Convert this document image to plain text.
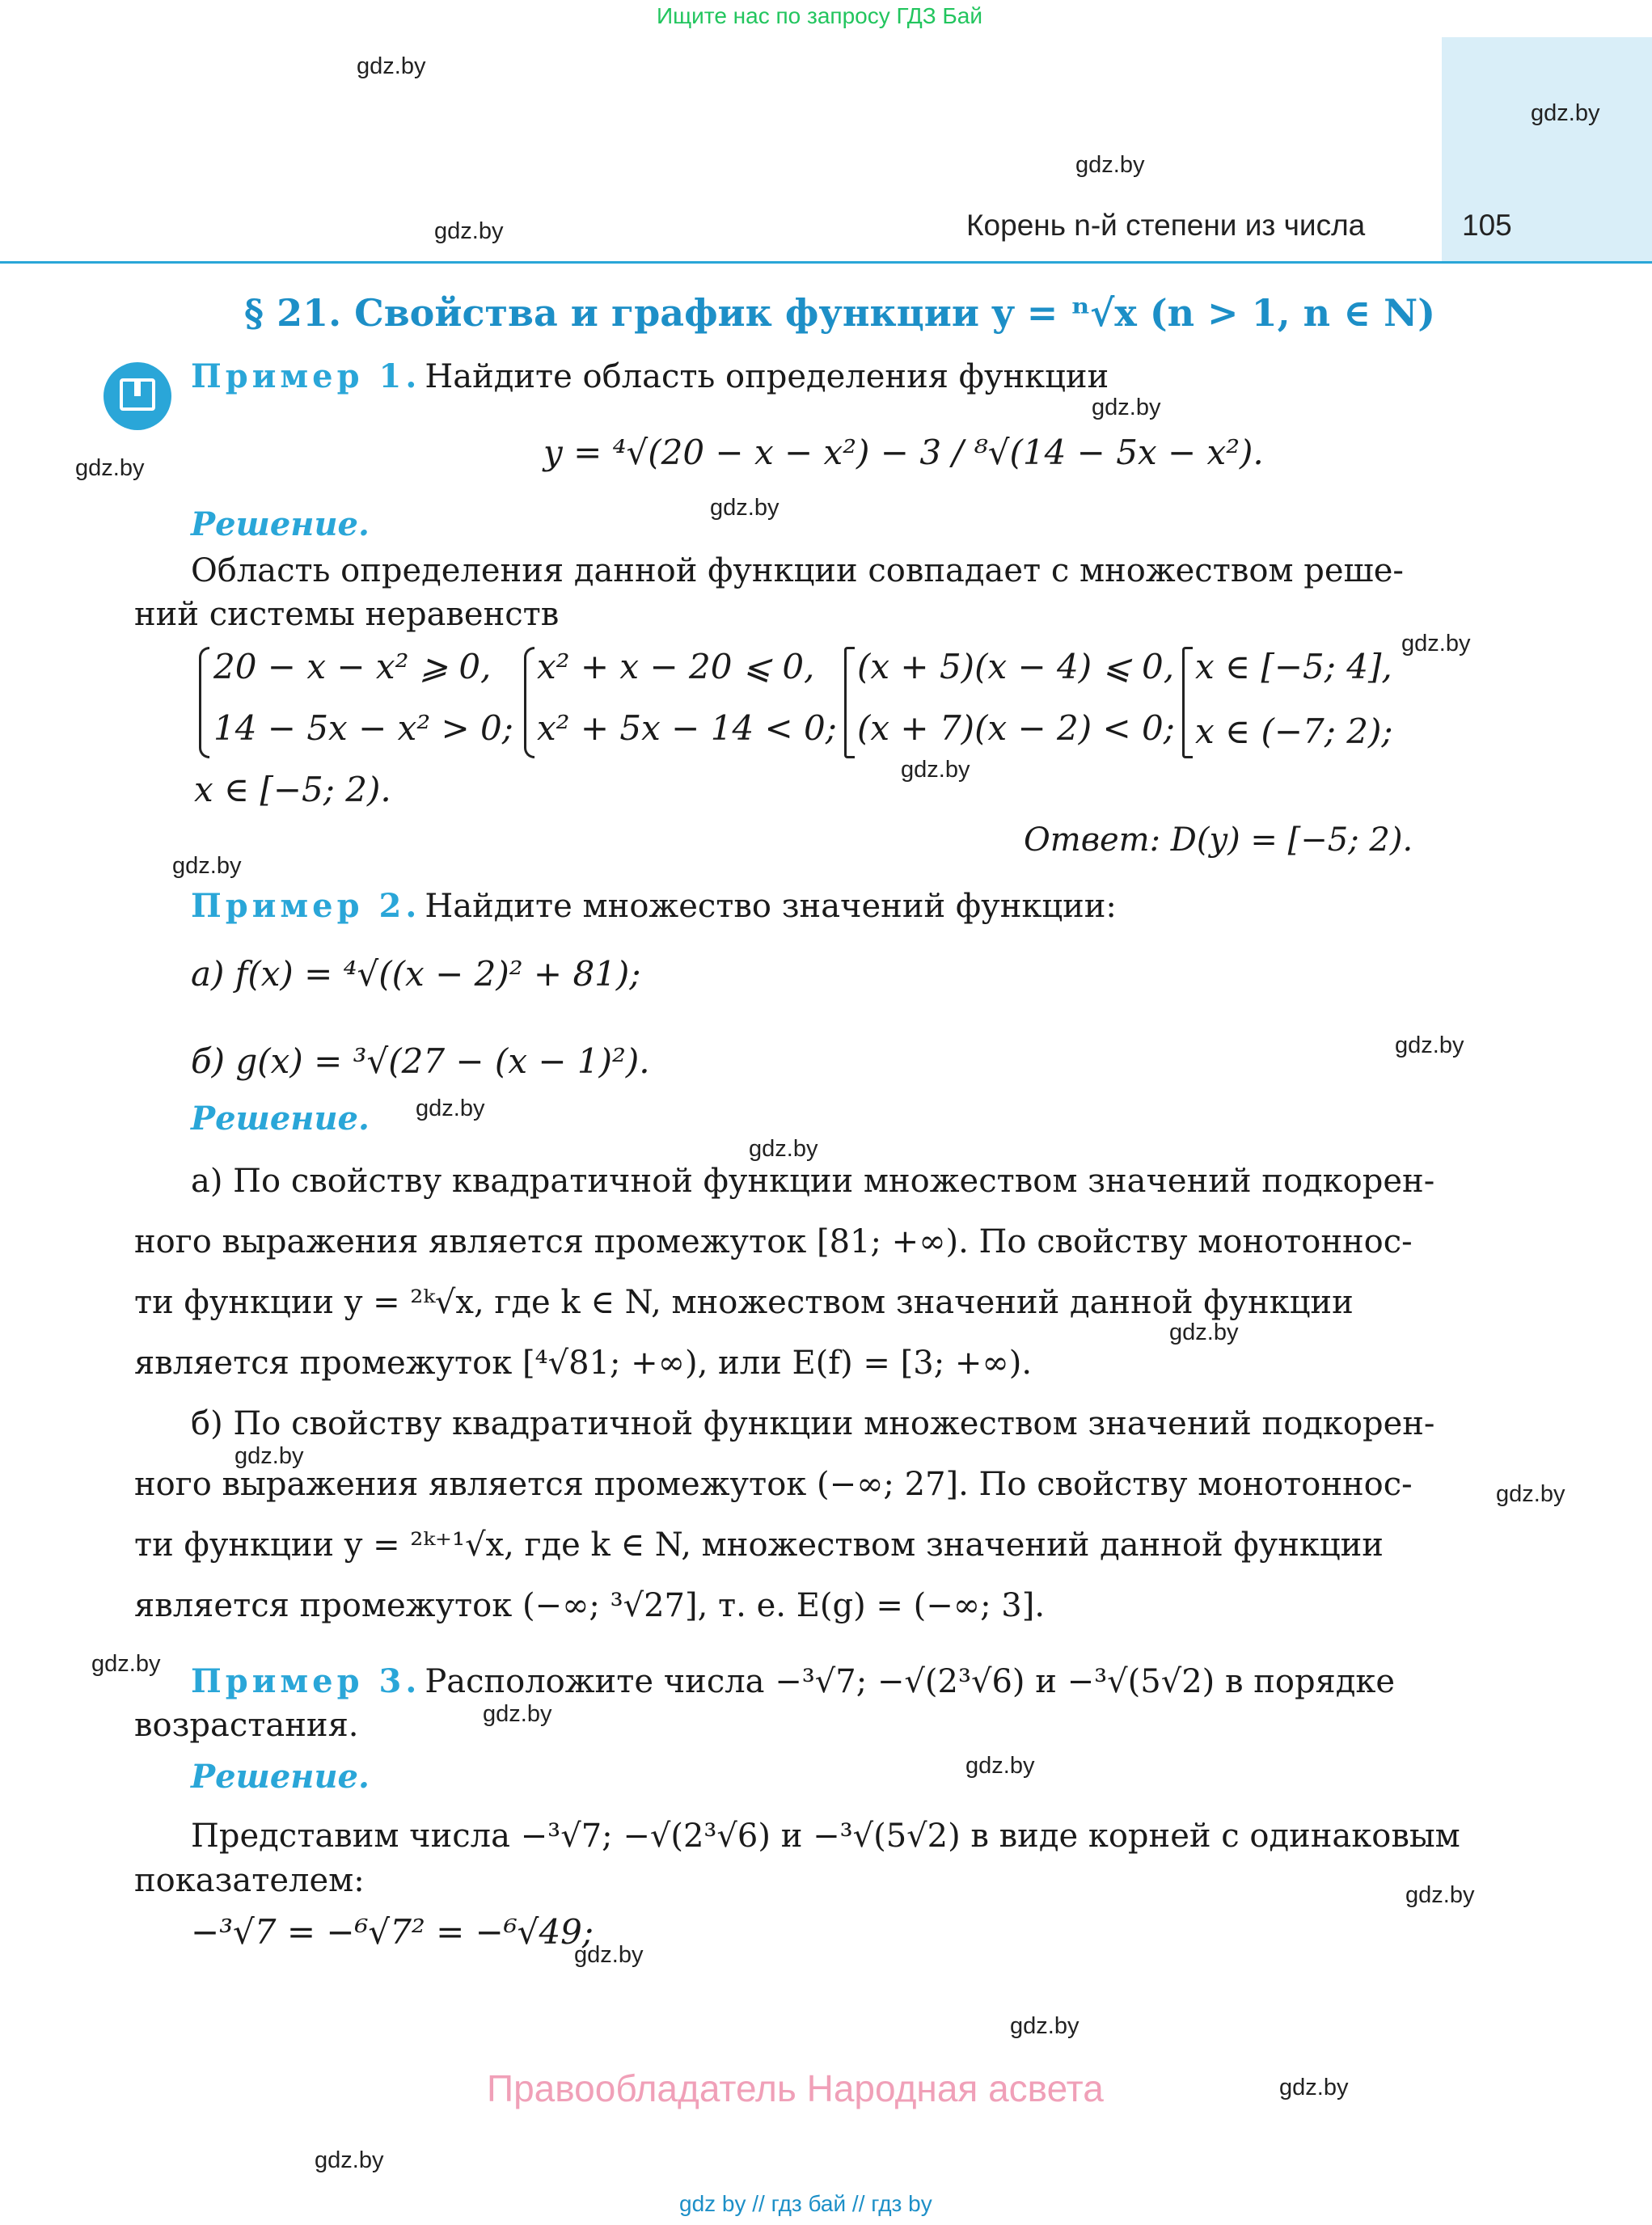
Ищите нас по запросу ГДЗ Бай
Корень n-й степени из числа	105
§ 21. Свойства и график функции y = ⁿ√x (n > 1, n ∈ N)
Пример 1. Найдите область определения функции
y = ⁴√(20 − x − x²) − 3 / ⁸√(14 − 5x − x²).
Решение.
Область определения данной функции совпадает с множеством реше-
ний системы неравенств
20 − x − x² ⩾ 0,
14 − 5x − x² > 0;
x² + x − 20 ⩽ 0,
x² + 5x − 14 < 0;
(x + 5)(x − 4) ⩽ 0,
(x + 7)(x − 2) < 0;
x ∈ [−5; 4],
x ∈ (−7; 2);
x ∈ [−5; 2).
Ответ: D(y) = [−5; 2).
Пример 2. Найдите множество значений функции:
а) f(x) = ⁴√((x − 2)² + 81);
б) g(x) = ³√(27 − (x − 1)²).
Решение.
а) По свойству квадратичной функции множеством значений подкорен-
ного выражения является промежуток [81; +∞). По свойству монотоннос-
ти функции y = ²ᵏ√x, где k ∈ N, множеством значений данной функции
является промежуток [⁴√81; +∞), или E(f) = [3; +∞).
б) По свойству квадратичной функции множеством значений подкорен-
ного выражения является промежуток (−∞; 27]. По свойству монотоннос-
ти функции y = ²ᵏ⁺¹√x, где k ∈ N, множеством значений данной функции
является промежуток (−∞; ³√27], т. е. E(g) = (−∞; 3].
Пример 3. Расположите числа −³√7; −√(2³√6) и −³√(5√2) в порядке
возрастания.
Решение.
Представим числа −³√7; −√(2³√6) и −³√(5√2) в виде корней с одинаковым
показателем:
−³√7 = −⁶√7² = −⁶√49;
gdz.by
gdz.by
gdz.by
gdz.by
gdz.by
gdz.by
gdz.by
gdz.by
gdz.by
gdz.by
gdz.by
gdz.by
gdz.by
gdz.by
gdz.by
gdz.by
gdz.by
gdz.by
gdz.by
gdz.by
gdz.by
gdz.by
gdz.by
gdz.by
Правообладатель Народная асвета
gdz by // гдз бай // гдз by
